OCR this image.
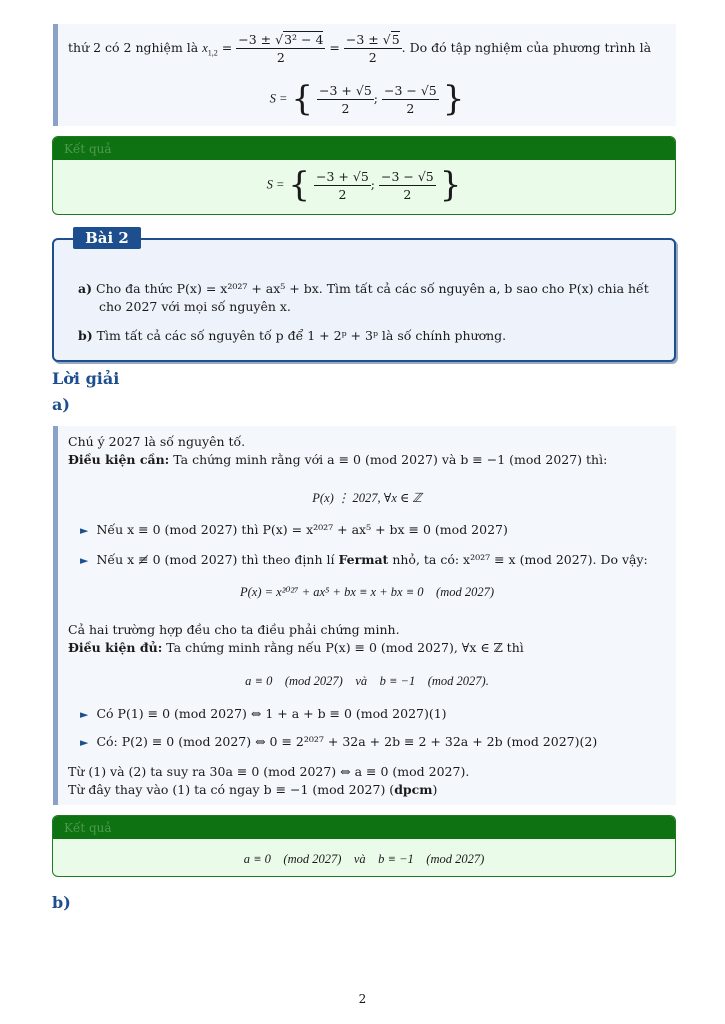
thứ 2 có 2 nghiệm là $x_{1,2} = \frac{\text{−3 ± √3² − 4}}{2} = \frac{-3 \pm √5}{2}$ . Do đó tập nghiệm của phương trình là
S = { $\frac{-3 + √5}{2}$ ; $\frac{-3 - √5}{2}$ }
Kết quả
S = { $\frac{-3 + √5}{2}$ ; $\frac{-3 - √5}{2}$ }
Bài 2
a) Cho đa thức P(x) = x²⁰²⁷ + ax⁵ + bx. Tìm tất cả các số nguyên a, b sao cho P(x) chia hết
cho 2027 với mọi số nguyên x.
b) Tìm tất cả các số nguyên tố p để 1 + 2ᵖ + 3ᵖ là số chính phương.
Lời giải
a)
Chú ý 2027 là số nguyên tố.
Điều kiện cần: Ta chứng minh rằng với a ≡ 0 (mod 2027) và b ≡ −1 (mod 2027) thì:
P(x) ⋮ 2027, ∀x ∈ ℤ
► Nếu x ≡ 0 (mod 2027) thì P(x) = x²⁰²⁷ + ax⁵ + bx ≡ 0 (mod 2027)
► Nếu x ≢ 0 (mod 2027) thì theo định lí Fermat nhỏ, ta có: x²⁰²⁷ ≡ x (mod 2027). Do vậy:
P(x) = x²⁰²⁷ + ax⁵ + bx ≡ x + bx ≡ 0    (mod 2027)
Cả hai trường hợp đều cho ta điều phải chứng minh.
Điều kiện đủ: Ta chứng minh rằng nếu P(x) ≡ 0 (mod 2027), ∀x ∈ ℤ thì
a ≡ 0    (mod 2027)    và    b ≡ −1    (mod 2027).
► Có P(1) ≡ 0 (mod 2027) ⇔ 1 + a + b ≡ 0 (mod 2027)(1)
► Có: P(2) ≡ 0 (mod 2027) ⇔ 0 ≡ 2²⁰²⁷ + 32a + 2b ≡ 2 + 32a + 2b (mod 2027)(2)
Từ (1) và (2) ta suy ra 30a ≡ 0 (mod 2027) ⇔ a ≡ 0 (mod 2027).
Từ đây thay vào (1) ta có ngay b ≡ −1 (mod 2027) (dpcm)
Kết quả
a ≡ 0    (mod 2027)    và    b ≡ −1    (mod 2027)
b)
2
